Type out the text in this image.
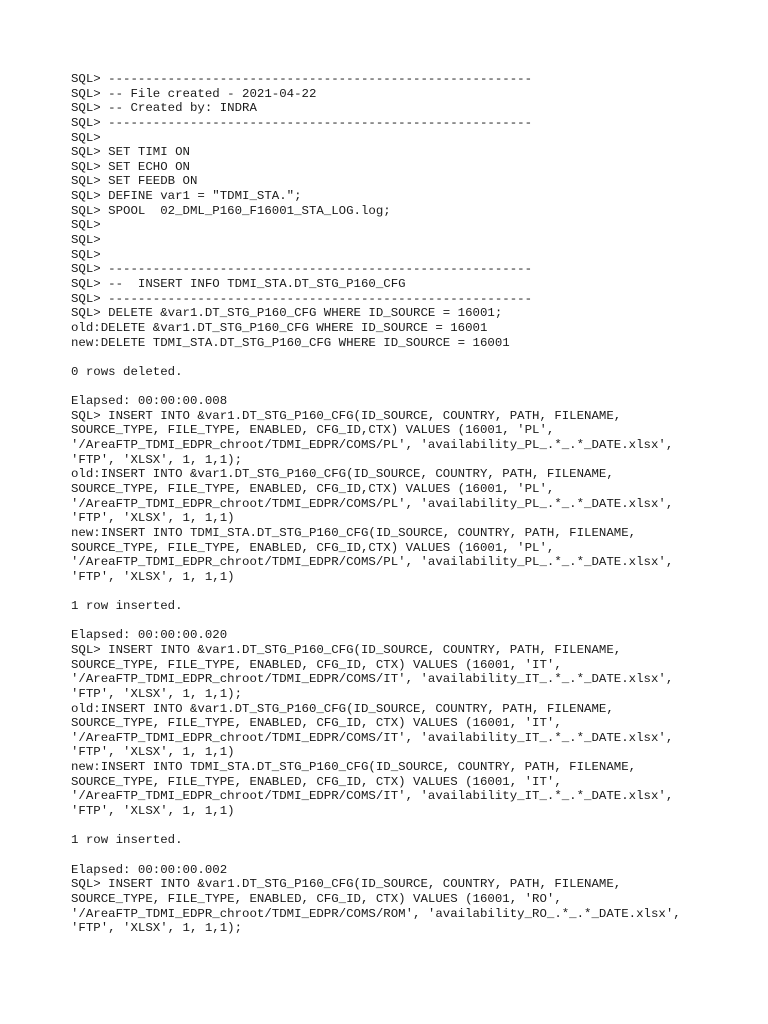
SQL> ---------------------------------------------------------
SQL> -- File created - 2021-04-22
SQL> -- Created by: INDRA
SQL> ---------------------------------------------------------
SQL>
SQL> SET TIMI ON
SQL> SET ECHO ON
SQL> SET FEEDB ON
SQL> DEFINE var1 = "TDMI_STA.";
SQL> SPOOL  02_DML_P160_F16001_STA_LOG.log;
SQL>
SQL>
SQL>
SQL> ---------------------------------------------------------
SQL> --  INSERT INFO TDMI_STA.DT_STG_P160_CFG
SQL> ---------------------------------------------------------
SQL> DELETE &var1.DT_STG_P160_CFG WHERE ID_SOURCE = 16001;
old:DELETE &var1.DT_STG_P160_CFG WHERE ID_SOURCE = 16001
new:DELETE TDMI_STA.DT_STG_P160_CFG WHERE ID_SOURCE = 16001
0 rows deleted.
Elapsed: 00:00:00.008
SQL> INSERT INTO &var1.DT_STG_P160_CFG(ID_SOURCE, COUNTRY, PATH, FILENAME,
SOURCE_TYPE, FILE_TYPE, ENABLED, CFG_ID,CTX) VALUES (16001, 'PL',
'/AreaFTP_TDMI_EDPR_chroot/TDMI_EDPR/COMS/PL', 'availability_PL_.*_.*_DATE.xlsx',
'FTP', 'XLSX', 1, 1,1);
old:INSERT INTO &var1.DT_STG_P160_CFG(ID_SOURCE, COUNTRY, PATH, FILENAME,
SOURCE_TYPE, FILE_TYPE, ENABLED, CFG_ID,CTX) VALUES (16001, 'PL',
'/AreaFTP_TDMI_EDPR_chroot/TDMI_EDPR/COMS/PL', 'availability_PL_.*_.*_DATE.xlsx',
'FTP', 'XLSX', 1, 1,1)
new:INSERT INTO TDMI_STA.DT_STG_P160_CFG(ID_SOURCE, COUNTRY, PATH, FILENAME,
SOURCE_TYPE, FILE_TYPE, ENABLED, CFG_ID,CTX) VALUES (16001, 'PL',
'/AreaFTP_TDMI_EDPR_chroot/TDMI_EDPR/COMS/PL', 'availability_PL_.*_.*_DATE.xlsx',
'FTP', 'XLSX', 1, 1,1)
1 row inserted.
Elapsed: 00:00:00.020
SQL> INSERT INTO &var1.DT_STG_P160_CFG(ID_SOURCE, COUNTRY, PATH, FILENAME,
SOURCE_TYPE, FILE_TYPE, ENABLED, CFG_ID, CTX) VALUES (16001, 'IT',
'/AreaFTP_TDMI_EDPR_chroot/TDMI_EDPR/COMS/IT', 'availability_IT_.*_.*_DATE.xlsx',
'FTP', 'XLSX', 1, 1,1);
old:INSERT INTO &var1.DT_STG_P160_CFG(ID_SOURCE, COUNTRY, PATH, FILENAME,
SOURCE_TYPE, FILE_TYPE, ENABLED, CFG_ID, CTX) VALUES (16001, 'IT',
'/AreaFTP_TDMI_EDPR_chroot/TDMI_EDPR/COMS/IT', 'availability_IT_.*_.*_DATE.xlsx',
'FTP', 'XLSX', 1, 1,1)
new:INSERT INTO TDMI_STA.DT_STG_P160_CFG(ID_SOURCE, COUNTRY, PATH, FILENAME,
SOURCE_TYPE, FILE_TYPE, ENABLED, CFG_ID, CTX) VALUES (16001, 'IT',
'/AreaFTP_TDMI_EDPR_chroot/TDMI_EDPR/COMS/IT', 'availability_IT_.*_.*_DATE.xlsx',
'FTP', 'XLSX', 1, 1,1)
1 row inserted.
Elapsed: 00:00:00.002
SQL> INSERT INTO &var1.DT_STG_P160_CFG(ID_SOURCE, COUNTRY, PATH, FILENAME,
SOURCE_TYPE, FILE_TYPE, ENABLED, CFG_ID, CTX) VALUES (16001, 'RO',
'/AreaFTP_TDMI_EDPR_chroot/TDMI_EDPR/COMS/ROM', 'availability_RO_.*_.*_DATE.xlsx',
'FTP', 'XLSX', 1, 1,1);
